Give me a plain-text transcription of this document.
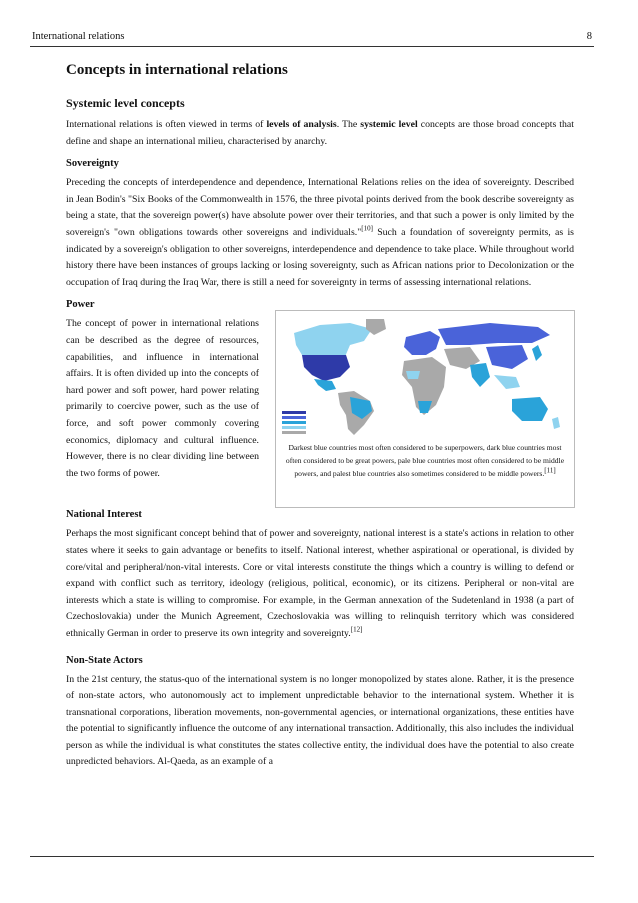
International relations	8
Concepts in international relations
Systemic level concepts

International relations is often viewed in terms of levels of analysis. The systemic level concepts are those broad concepts that define and shape an international milieu, characterised by anarchy.

Sovereignty

Preceding the concepts of interdependence and dependence, International Relations relies on the idea of sovereignty. Described in Jean Bodin's "Six Books of the Commonwealth in 1576, the three pivotal points derived from the book describe sovereignty as being a state, that the sovereign power(s) have absolute power over their territories, and that such a power is only limited by the sovereign's "own obligations towards other sovereigns and individuals."[10] Such a foundation of sovereignty permits, as is indicated by a sovereign's obligation to other sovereigns, interdependence and dependence to take place. While throughout world history there have been instances of groups lacking or losing sovereignty, such as African nations prior to Decolonization or the occupation of Iraq during the Iraq War, there is still a need for sovereignty in terms of assessing international relations.

Power

The concept of power in international relations can be described as the degree of resources, capabilities, and influence in international affairs. It is often divided up into the concepts of hard power and soft power, hard power relating primarily to coercive power, such as the use of force, and soft power commonly covering economics, diplomacy and cultural influence. However, there is no clear dividing line between the two forms of power.

Darkest blue countries most often considered to be superpowers, dark blue countries most often considered to be great powers, pale blue countries most often considered to be middle powers, and palest blue countries also sometimes considered to be middle powers.[11]
National Interest

Perhaps the most significant concept behind that of power and sovereignty, national interest is a state's actions in relation to other states where it seeks to gain advantage or benefits to itself. National interest, whether aspirational or operational, is divided by core/vital and peripheral/non-vital interests. Core or vital interests constitute the things which a country is willing to defend or expand with conflict such as territory, ideology (religious, political, economic), or its citizens. Peripheral or non-vital are interests which a state is willing to compromise. For example, in the German annexation of the Sudetenland in 1938 (a part of Czechoslovakia) under the Munich Agreement, Czechoslovakia was willing to relinquish territory which was considered ethnically German in order to preserve its own integrity and sovereignty.[12]

Non-State Actors

In the 21st century, the status-quo of the international system is no longer monopolized by states alone. Rather, it is the presence of non-state actors, who autonomously act to implement unpredictable behavior to the international system. Whether it is transnational corporations, liberation movements, non-governmental agencies, or international organizations, these entities have the potential to significantly influence the outcome of any international transaction. Additionally, this also includes the individual person as while the individual is what constitutes the states collective entity, the individual does have the potential to also create unpredicted behaviors. Al-Qaeda, as an example of a
